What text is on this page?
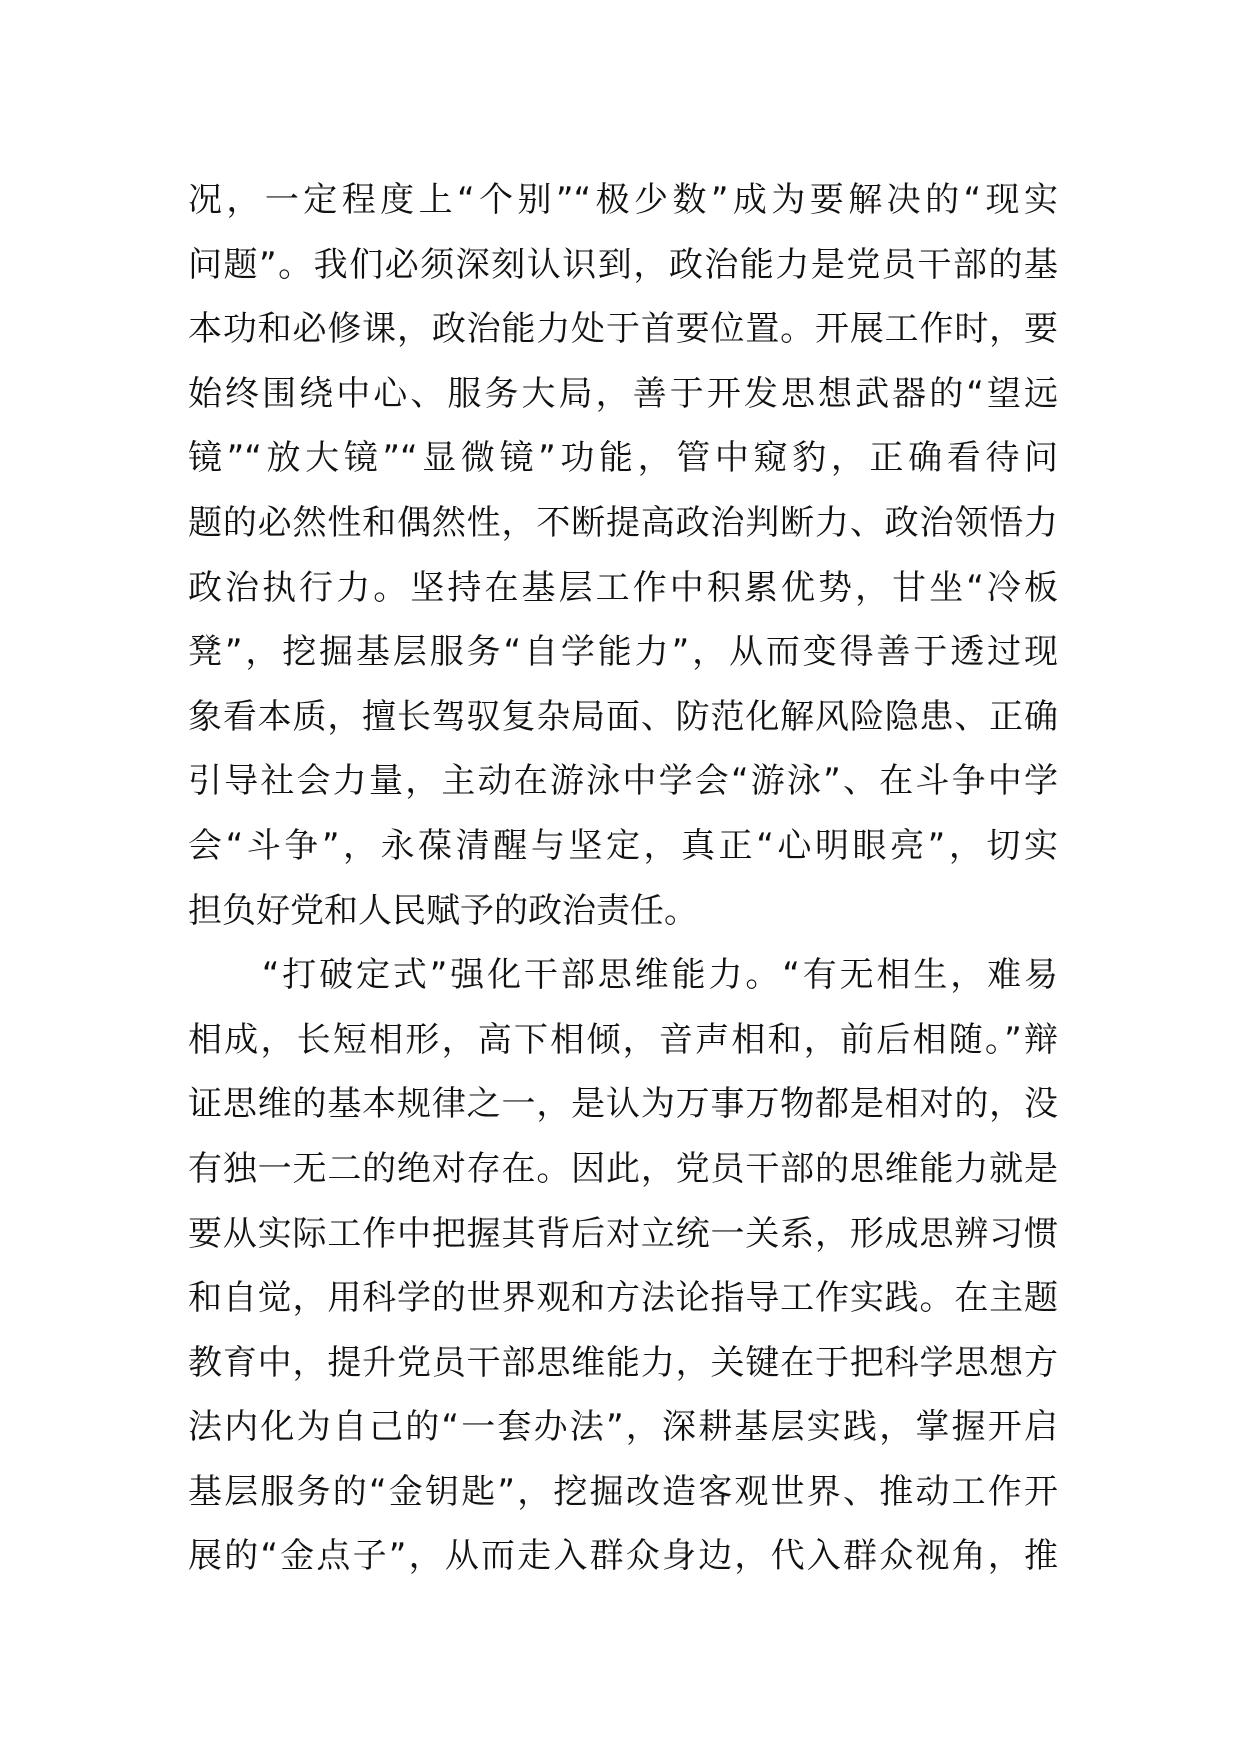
况，一定程度上“个别”“极少数”成为要解决的“现实
问题”。我们必须深刻认识到，政治能力是党员干部的基
本功和必修课，政治能力处于首要位置。开展工作时，要
始终围绕中心、服务大局，善于开发思想武器的“望远
镜”“放大镜”“显微镜”功能，管中窥豹，正确看待问
题的必然性和偶然性，不断提高政治判断力、政治领悟力
政治执行力。坚持在基层工作中积累优势，甘坐“冷板
凳”，挖掘基层服务“自学能力”，从而变得善于透过现
象看本质，擅长驾驭复杂局面、防范化解风险隐患、正确
引导社会力量，主动在游泳中学会“游泳”、在斗争中学
会“斗争”，永葆清醒与坚定，真正“心明眼亮”，切实
担负好党和人民赋予的政治责任。
　　“打破定式”强化干部思维能力。“有无相生，难易
相成，长短相形，高下相倾，音声相和，前后相随。”辩
证思维的基本规律之一，是认为万事万物都是相对的，没
有独一无二的绝对存在。因此，党员干部的思维能力就是
要从实际工作中把握其背后对立统一关系，形成思辨习惯
和自觉，用科学的世界观和方法论指导工作实践。在主题
教育中，提升党员干部思维能力，关键在于把科学思想方
法内化为自己的“一套办法”，深耕基层实践，掌握开启
基层服务的“金钥匙”，挖掘改造客观世界、推动工作开
展的“金点子”，从而走入群众身边，代入群众视角，推
